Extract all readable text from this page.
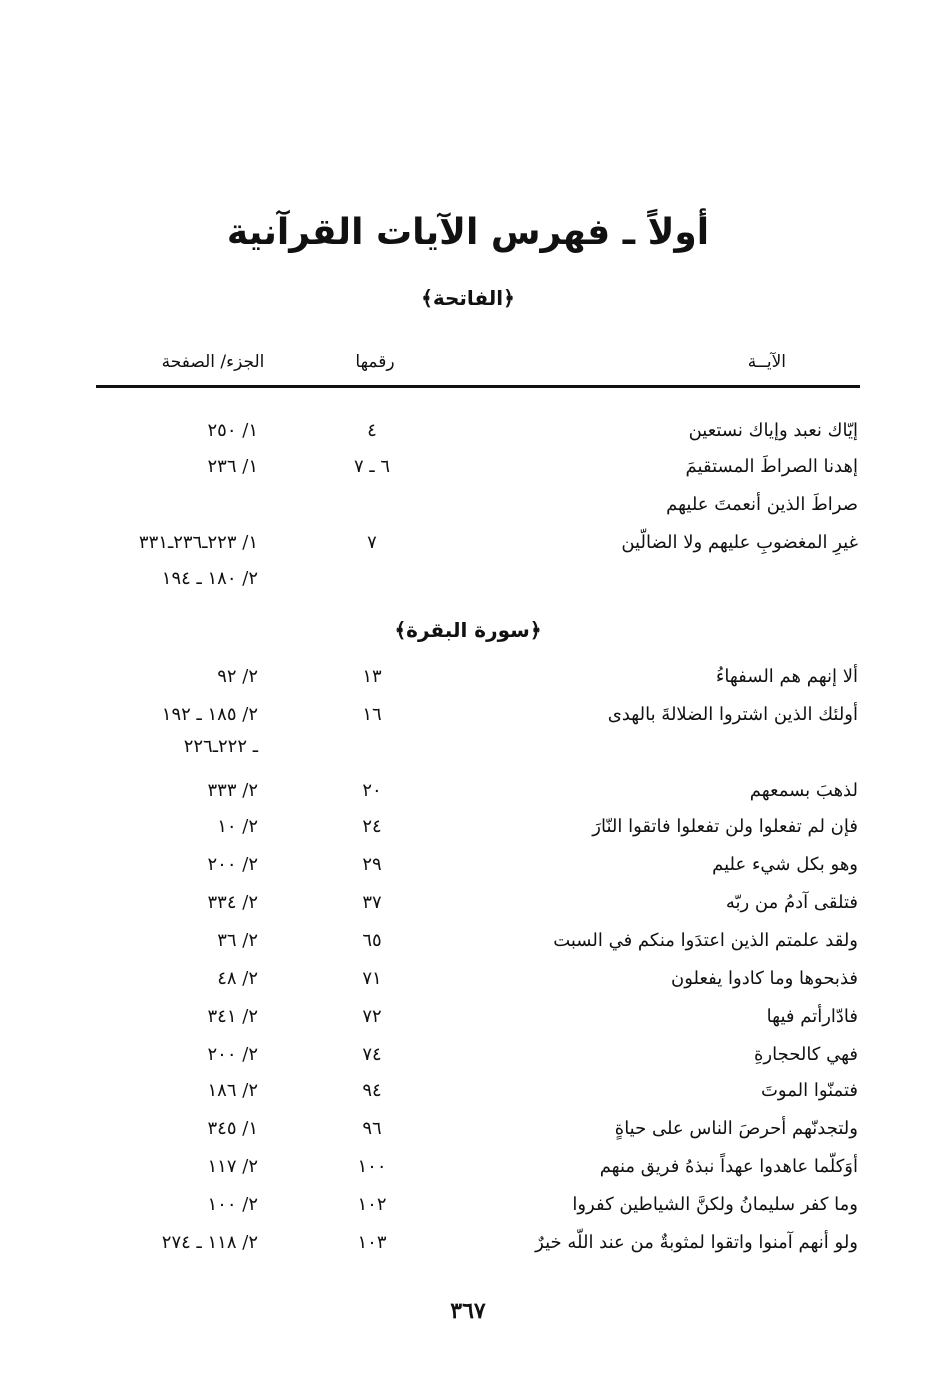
أولاً ـ فهرس الآيات القرآنية
﴿الفاتحة﴾
الآيــة
رقمها
الجزء/ الصفحة
إيّاك نعبد وإياك نستعين
٤
١/ ٢٥٠
إهدنا الصراطَ المستقيمَ
٦ ـ ٧
١/ ٢٣٦
صراطَ الذين أنعمتَ عليهم
غيرِ المغضوبِ عليهم ولا الضالّين
٧
١/ ٢٢٣ـ٢٣٦ـ٣٣١
٢/ ١٨٠ ـ ١٩٤
﴿سورة البقرة﴾
ألا إنهم هم السفهاءُ
١٣
٢/ ٩٢
أولئك الذين اشتروا الضلالةَ بالهدى
١٦
٢/ ١٨٥ ـ ١٩٢
ـ ٢٢٢ـ٢٢٦
لذهبَ بسمعهم
٢٠
٢/ ٣٣٣
فإن لم تفعلوا ولن تفعلوا فاتقوا النّارَ
٢٤
٢/ ١٠
وهو بكل شيء عليم
٢٩
٢/ ٢٠٠
فتلقى آدمُ من ربّه
٣٧
٢/ ٣٣٤
ولقد علمتم الذين اعتدَوا منكم في السبت
٦٥
٢/ ٣٦
فذبحوها وما كادوا يفعلون
٧١
٢/ ٤٨
فادّارأتم فيها
٧٢
٢/ ٣٤١
فهي كالحجارةِ
٧٤
٢/ ٢٠٠
فتمنّوا الموتَ
٩٤
٢/ ١٨٦
ولتجدنّهم أحرصَ الناس على حياةٍ
٩٦
١/ ٣٤٥
أوَكلّما عاهدوا عهداً نبذهُ فريق منهم
١٠٠
٢/ ١١٧
وما كفر سليمانُ ولكنَّ الشياطين كفروا
١٠٢
٢/ ١٠٠
ولو أنهم آمنوا واتقوا لمثوبةٌ من عند اللّه خيرٌ
١٠٣
٢/ ١١٨ ـ ٢٧٤
٣٦٧
